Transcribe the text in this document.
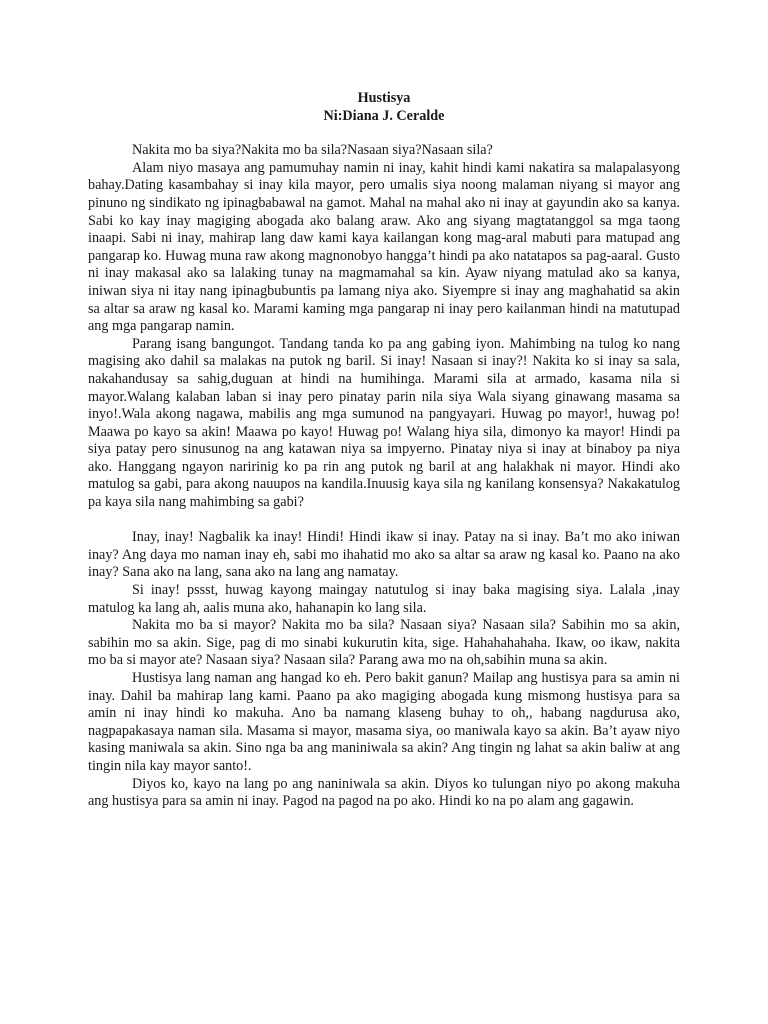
Hustisya

Ni:Diana J. Ceralde

Nakita mo ba siya?Nakita mo ba sila?Nasaan siya?Nasaan sila?

Alam niyo masaya ang pamumuhay namin ni inay, kahit hindi kami nakatira sa malapalasyong bahay.Dating kasambahay si inay kila mayor, pero umalis siya noong malaman niyang si mayor ang pinuno ng sindikato ng ipinagbabawal na gamot. Mahal na mahal ako ni inay at gayundin ako sa kanya. Sabi ko kay inay magiging abogada ako balang araw. Ako ang siyang magtatanggol sa mga taong inaapi. Sabi ni inay, mahirap lang daw kami kaya kailangan kong mag-aral mabuti para matupad ang pangarap ko. Huwag muna raw akong magnonobyo hangga’t hindi pa ako natatapos sa pag-aaral. Gusto ni inay makasal ako sa lalaking tunay na magmamahal sa kin. Ayaw niyang matulad ako sa kanya, iniwan siya ni itay nang ipinagbubuntis pa lamang niya ako. Siyempre si inay ang maghahatid sa akin sa altar sa araw ng kasal ko. Marami kaming mga pangarap ni inay pero kailanman hindi na matutupad ang mga pangarap namin.

Parang isang bangungot. Tandang tanda ko pa ang gabing iyon. Mahimbing na tulog ko nang magising ako dahil sa malakas na putok ng baril. Si inay! Nasaan si inay?! Nakita ko si inay sa sala, nakahandusay sa sahig,duguan at hindi na humihinga. Marami sila at armado, kasama nila si mayor.Walang kalaban laban si inay pero pinatay parin nila siya Wala siyang ginawang masama sa inyo!.Wala akong nagawa, mabilis ang mga sumunod na pangyayari. Huwag po mayor!, huwag po! Maawa po kayo sa akin! Maawa po kayo! Huwag po! Walang hiya sila, dimonyo ka mayor! Hindi pa siya patay pero sinusunog na ang katawan niya sa impyerno. Pinatay niya si inay at binaboy pa niya ako. Hanggang ngayon naririnig ko pa rin ang putok ng baril at ang halakhak ni mayor. Hindi ako matulog sa gabi, para akong nauupos na kandila.Inuusig kaya sila ng kanilang konsensya? Nakakatulog pa kaya sila nang mahimbing sa gabi?

Inay, inay! Nagbalik ka inay! Hindi! Hindi ikaw si inay. Patay na si inay. Ba’t mo ako iniwan inay? Ang daya mo naman inay eh, sabi mo ihahatid mo ako sa altar sa araw ng kasal ko. Paano na ako inay? Sana ako na lang, sana ako na lang ang namatay.

Si inay! pssst, huwag kayong maingay natutulog si inay baka magising siya. Lalala ,inay matulog ka lang ah, aalis muna ako, hahanapin ko lang sila.

Nakita mo ba si mayor? Nakita mo ba sila? Nasaan siya? Nasaan sila? Sabihin mo sa akin, sabihin mo sa akin. Sige, pag di mo sinabi kukurutin kita, sige. Hahahahahaha. Ikaw, oo ikaw, nakita mo ba si mayor ate? Nasaan siya? Nasaan sila? Parang awa mo na oh,sabihin muna sa akin.

Hustisya lang naman ang hangad ko eh. Pero bakit ganun? Mailap ang hustisya para sa amin ni inay. Dahil ba mahirap lang kami. Paano pa ako magiging abogada kung mismong hustisya para sa amin ni inay hindi ko makuha. Ano ba namang klaseng buhay to oh,, habang nagdurusa ako, nagpapakasaya naman sila. Masama si mayor, masama siya, oo maniwala kayo sa akin. Ba’t ayaw niyo kasing maniwala sa akin. Sino nga ba ang maniniwala sa akin? Ang tingin ng lahat sa akin baliw at ang tingin nila kay mayor santo!.

Diyos ko, kayo na lang po ang naniniwala sa akin. Diyos ko tulungan niyo po akong makuha ang hustisya para sa amin ni inay. Pagod na pagod na po ako. Hindi ko na po alam ang gagawin.
